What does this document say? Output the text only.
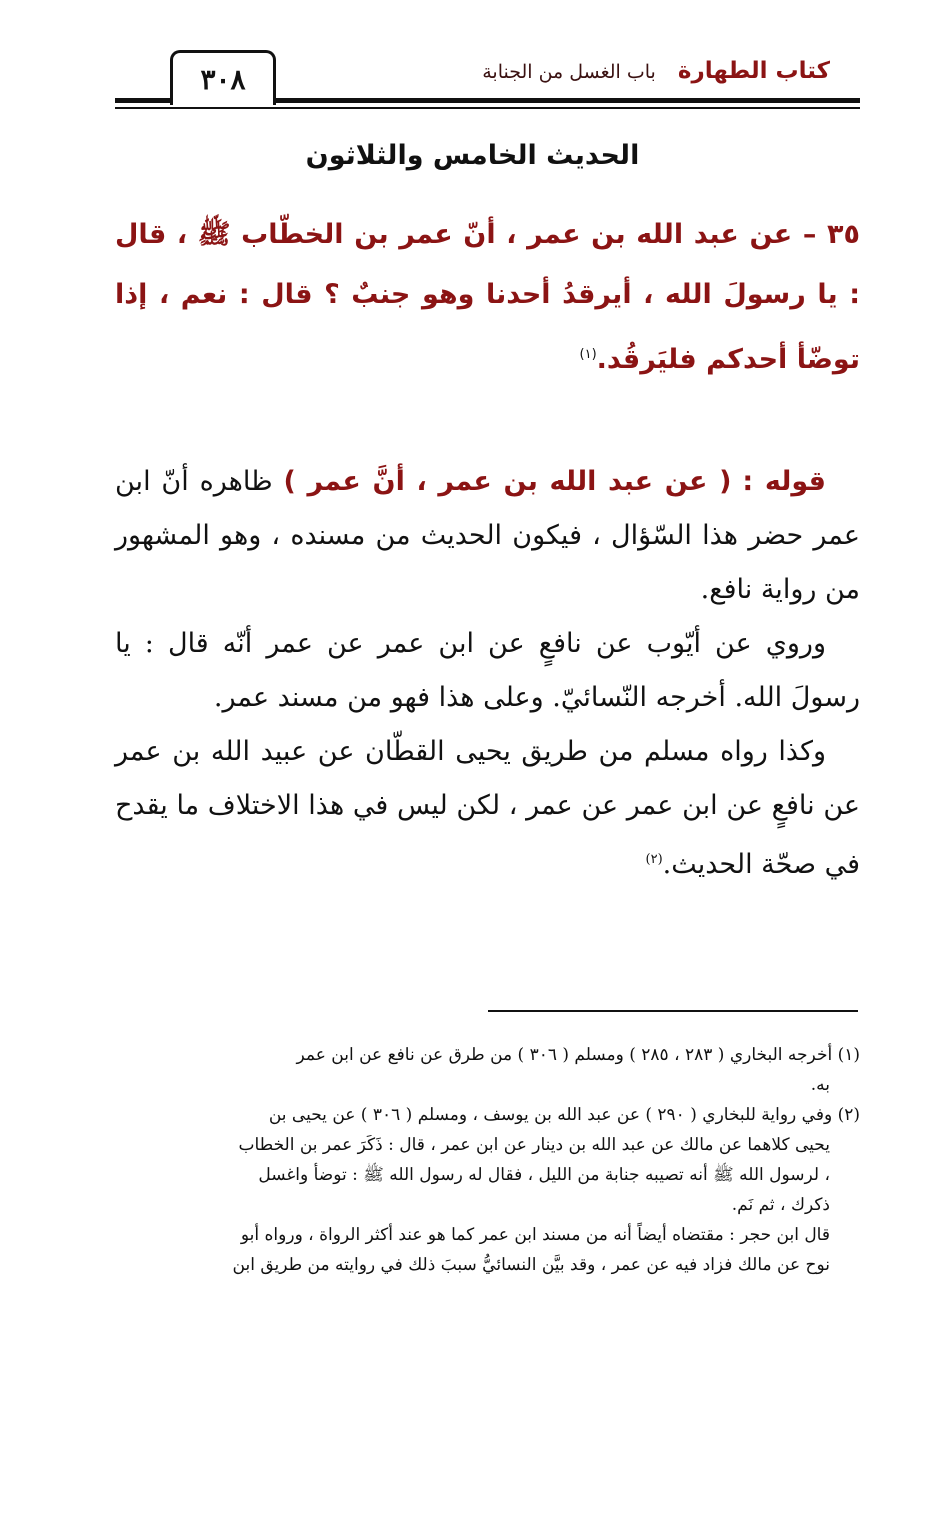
كتاب الطهارة باب الغسل من الجنابة
٣٠٨
الحديث الخامس والثلاثون
٣٥ – عن عبد الله بن عمر ، أنّ عمر بن الخطّاب ﷺ ، قال : يا رسولَ الله ، أيرقدُ أحدنا وهو جنبٌ ؟ قال : نعم ، إذا توضّأ أحدكم فليَرقُد.$^{(١)}$

قوله : ( عن عبد الله بن عمر ، أنَّ عمر ) ظاهره أنّ ابن عمر حضر هذا السّؤال ، فيكون الحديث من مسنده ، وهو المشهور من رواية نافع.

وروي عن أيّوب عن نافعٍ عن ابن عمر عن عمر أنّه قال : يا رسولَ الله. أخرجه النّسائيّ. وعلى هذا فهو من مسند عمر.

وكذا رواه مسلم من طريق يحيى القطّان عن عبيد الله بن عمر عن نافعٍ عن ابن عمر عن عمر ، لكن ليس في هذا الاختلاف ما يقدح في صحّة الحديث.$^{(٢)}$

(١) أخرجه البخاري ( ٢٨٣ ، ٢٨٥ ) ومسلم ( ٣٠٦ ) من طرق عن نافع عن ابن عمر

به.

(٢) وفي رواية للبخاري ( ٢٩٠ ) عن عبد الله بن يوسف ، ومسلم ( ٣٠٦ ) عن يحيى بن

يحيى كلاهما عن مالك عن عبد الله بن دينار عن ابن عمر ، قال : ذَكَرَ عمر بن الخطاب

، لرسول الله ﷺ أنه تصيبه جنابة من الليل ، فقال له رسول الله ﷺ : توضأ واغسل

ذكرك ، ثم نَم.

قال ابن حجر : مقتضاه أيضاً أنه من مسند ابن عمر كما هو عند أكثر الرواة ، ورواه أبو

نوح عن مالك فزاد فيه عن عمر ، وقد بيَّن النسائيُّ سببَ ذلك في روايته من طريق ابن
